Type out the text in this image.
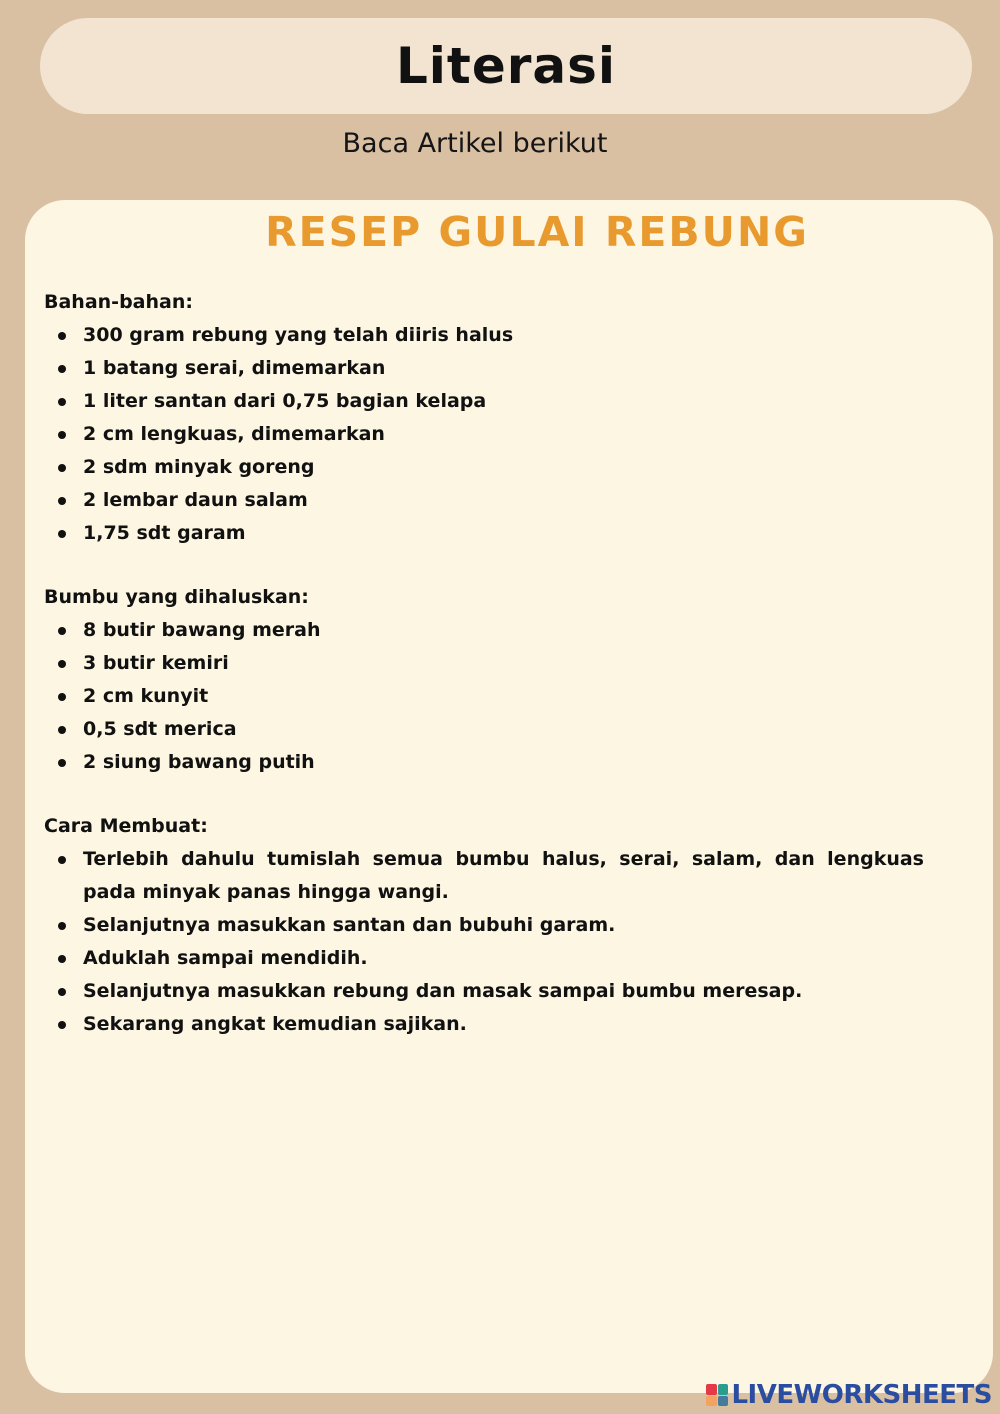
Literasi
Baca Artikel berikut
RESEP GULAI REBUNG
Bahan-bahan:
300 gram rebung yang telah diiris halus
1 batang serai, dimemarkan
1 liter santan dari 0,75 bagian kelapa
2 cm lengkuas, dimemarkan
2 sdm minyak goreng
2 lembar daun salam
1,75 sdt garam
Bumbu yang dihaluskan:
8 butir bawang merah
3 butir kemiri
2 cm kunyit
0,5 sdt merica
2 siung bawang putih
Cara Membuat:
Terlebih dahulu tumislah semua bumbu halus, serai, salam, dan lengkuas pada minyak panas hingga wangi.
Selanjutnya masukkan santan dan bubuhi garam.
Aduklah sampai mendidih.
Selanjutnya masukkan rebung dan masak sampai bumbu meresap.
Sekarang angkat kemudian sajikan.
LIVEWORKSHEETS
